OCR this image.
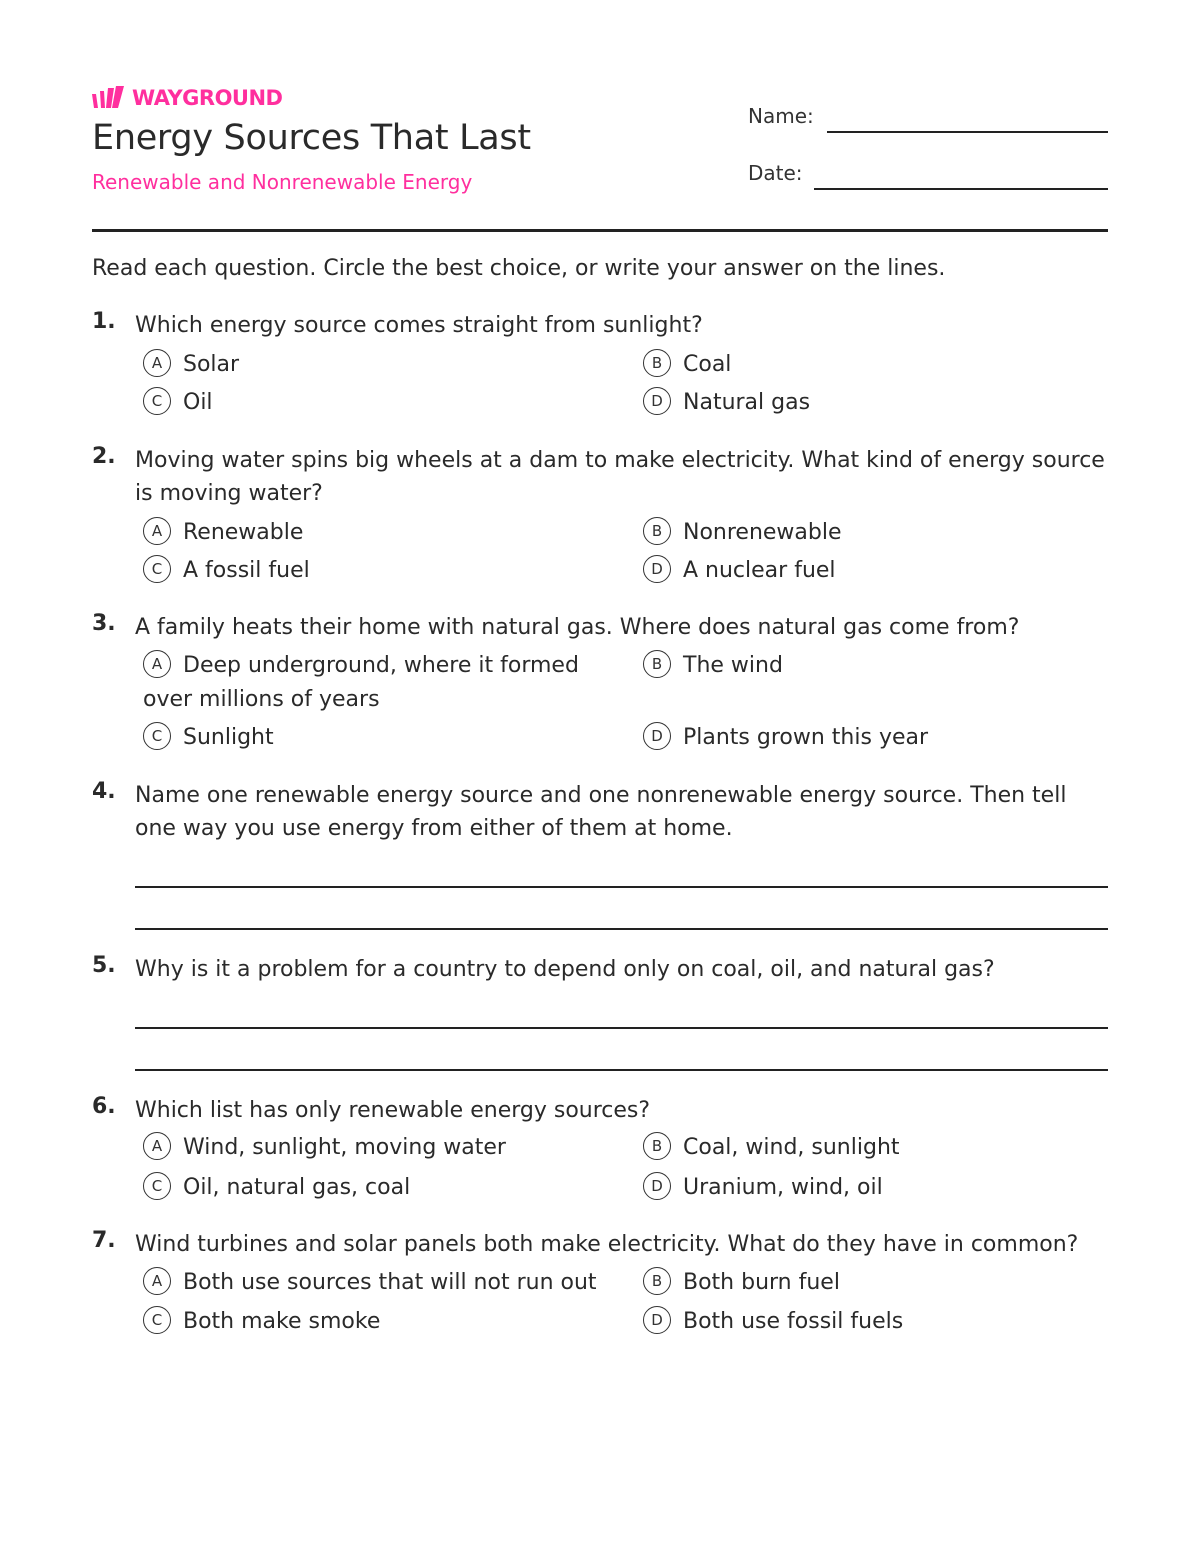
WAYGROUND
Energy Sources That Last
Renewable and Nonrenewable Energy
Name:
Date:
Read each question. Circle the best choice, or write your answer on the lines.
1. Which energy source comes straight from sunlight?
A Solar	B Coal
C Oil	D Natural gas
2. Moving water spins big wheels at a dam to make electricity. What kind of energy source is moving water?
A Renewable	B Nonrenewable
C A fossil fuel	D A nuclear fuel
3. A family heats their home with natural gas. Where does natural gas come from?
A Deep underground, where it formed over millions of years
B The wind
C Sunlight	D Plants grown this year
4. Name one renewable energy source and one nonrenewable energy source. Then tell one way you use energy from either of them at home.
5. Why is it a problem for a country to depend only on coal, oil, and natural gas?
6. Which list has only renewable energy sources?
A Wind, sunlight, moving water	B Coal, wind, sunlight
C Oil, natural gas, coal	D Uranium, wind, oil
7. Wind turbines and solar panels both make electricity. What do they have in common?
A Both use sources that will not run out	B Both burn fuel
C Both make smoke	D Both use fossil fuels
